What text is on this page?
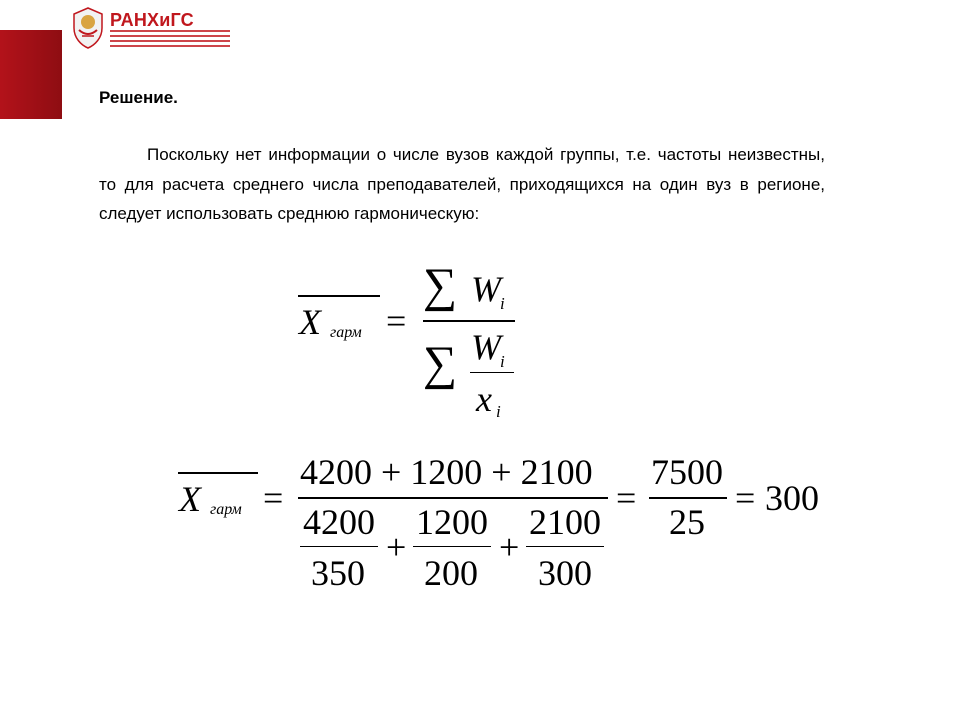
РАНХиГС
Решение.
Поскольку нет информации о числе вузов каждой группы, т.е. частоты неизвестны, то для расчета среднего числа преподавателей, приходящихся на один вуз в регионе, следует использовать среднюю гармоническую:
X гарм =
∑ W i
∑ W i
x i
X гарм =
4200 + 1200 + 2100
4200
350
+
1200
200
+
2100
300
=
7500
25
= 300
